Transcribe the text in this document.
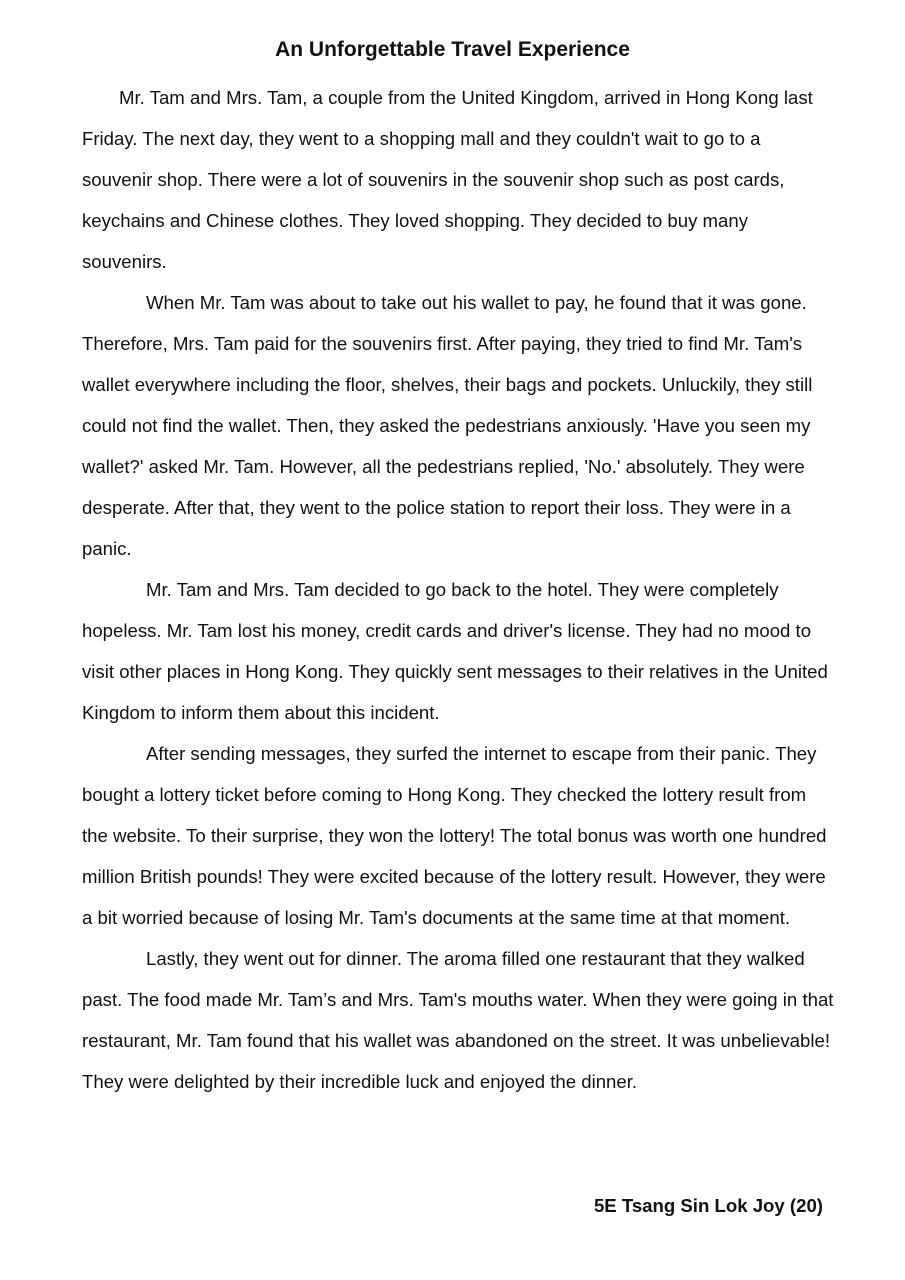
An Unforgettable Travel Experience

Mr. Tam and Mrs. Tam, a couple from the United Kingdom, arrived in Hong Kong last Friday. The next day, they went to a shopping mall and they couldn't wait to go to a souvenir shop. There were a lot of souvenirs in the souvenir shop such as post cards, keychains and Chinese clothes. They loved shopping. They decided to buy many souvenirs.

When Mr. Tam was about to take out his wallet to pay, he found that it was gone. Therefore, Mrs. Tam paid for the souvenirs first. After paying, they tried to find Mr. Tam's wallet everywhere including the floor, shelves, their bags and pockets. Unluckily, they still could not find the wallet. Then, they asked the pedestrians anxiously. 'Have you seen my wallet?' asked Mr. Tam. However, all the pedestrians replied, 'No.' absolutely. They were desperate. After that, they went to the police station to report their loss. They were in a panic.

Mr. Tam and Mrs. Tam decided to go back to the hotel. They were completely hopeless. Mr. Tam lost his money, credit cards and driver's license. They had no mood to visit other places in Hong Kong. They quickly sent messages to their relatives in the United Kingdom to inform them about this incident.

After sending messages, they surfed the internet to escape from their panic. They bought a lottery ticket before coming to Hong Kong. They checked the lottery result from the website. To their surprise, they won the lottery! The total bonus was worth one hundred million British pounds! They were excited because of the lottery result. However, they were a bit worried because of losing Mr. Tam's documents at the same time at that moment.

Lastly, they went out for dinner. The aroma filled one restaurant that they walked past. The food made Mr. Tam’s and Mrs. Tam's mouths water. When they were going in that restaurant, Mr. Tam found that his wallet was abandoned on the street. It was unbelievable! They were delighted by their incredible luck and enjoyed the dinner.

5E Tsang Sin Lok Joy (20)
